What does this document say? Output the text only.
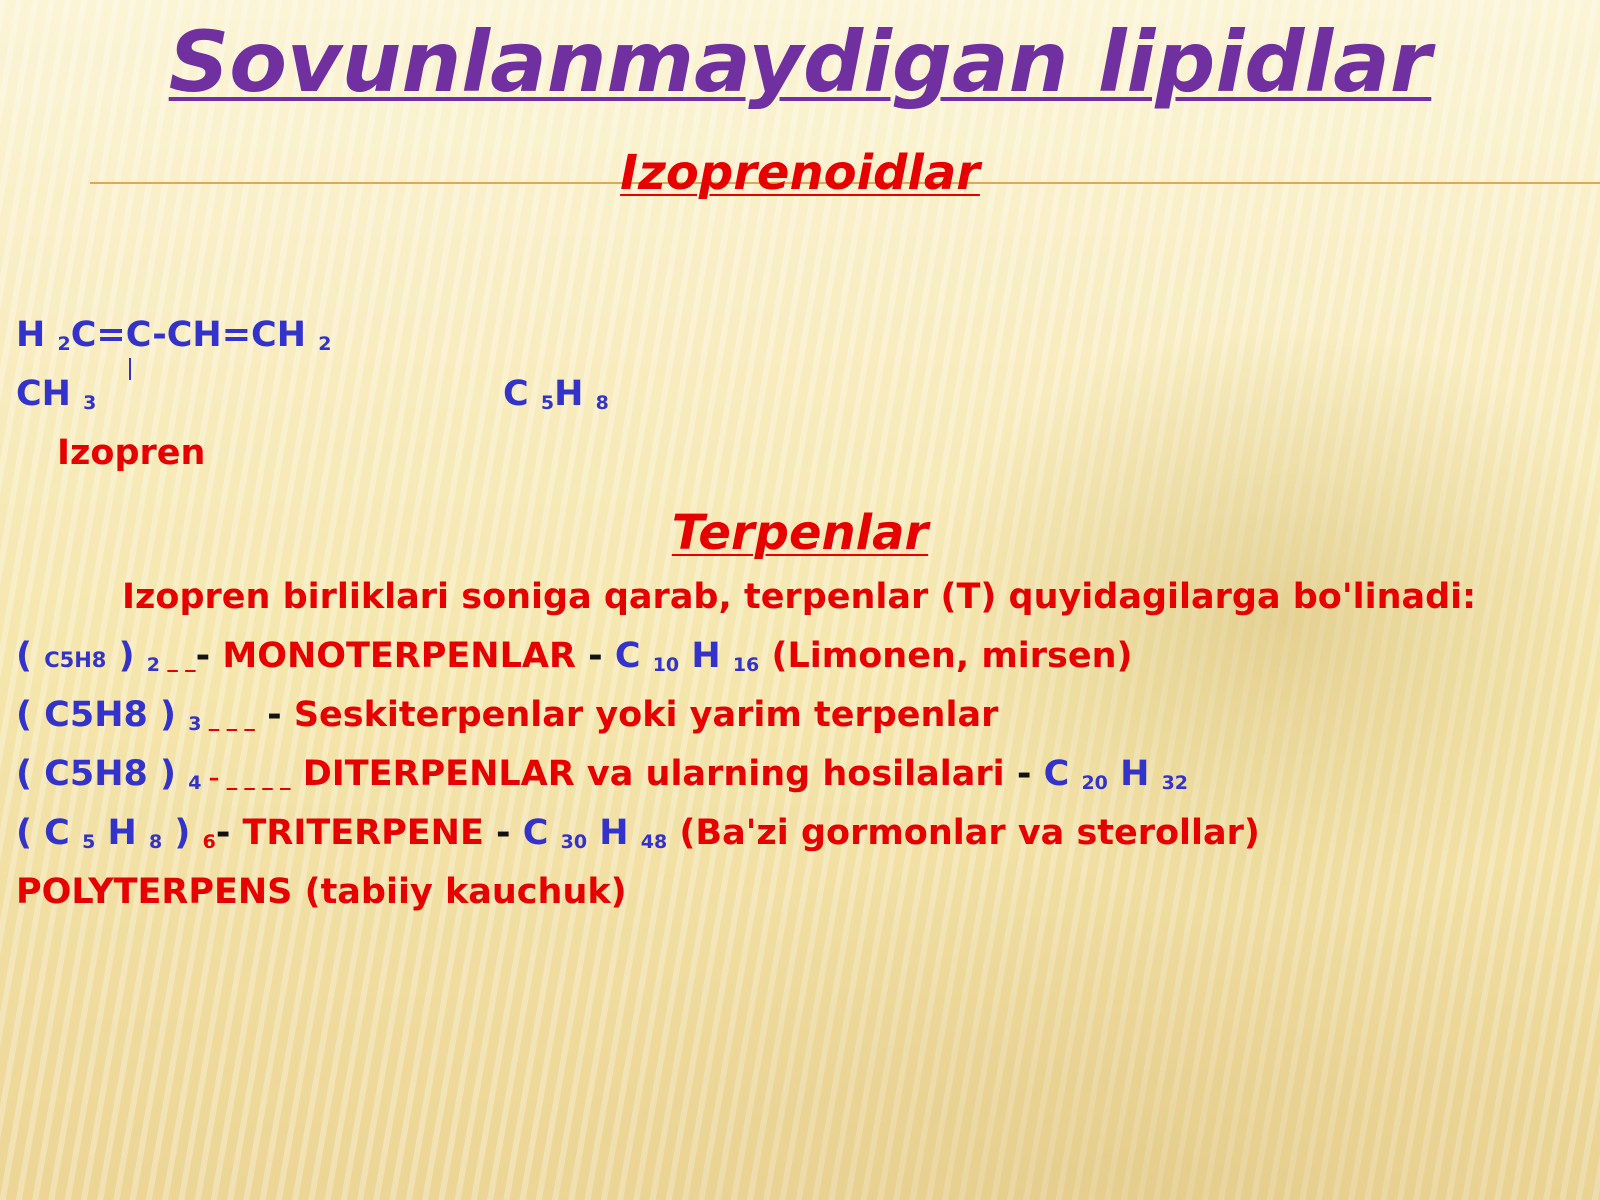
Sovunlanmaydigan lipidlar
Izoprenoidlar
H $_2$C=C-CH=CH $_2$
CH $_3$	C $_5$H $_8$
Izopren
Terpenlar
Izopren birliklari soniga qarab, terpenlar (T) quyidagilarga bo'linadi:
( C5H8 ) $_2$ _ _- MONOTERPENLAR - C $_{10}$ H $_{16}$ (Limonen, mirsen)
( C5H8 ) $_3$ _ _ _ - Seskiterpenlar yoki yarim terpenlar
( C5H8 ) $_4$ – _ _ _ _ DITERPENLAR va ularning hosilalari - C $_{20}$ H $_{32}$
( C $_5$ H $_8$ ) $_6$- TRITERPENE - C $_{30}$ H $_{48}$ (Ba'zi gormonlar va sterollar)
POLYTERPENS (tabiiy kauchuk)
